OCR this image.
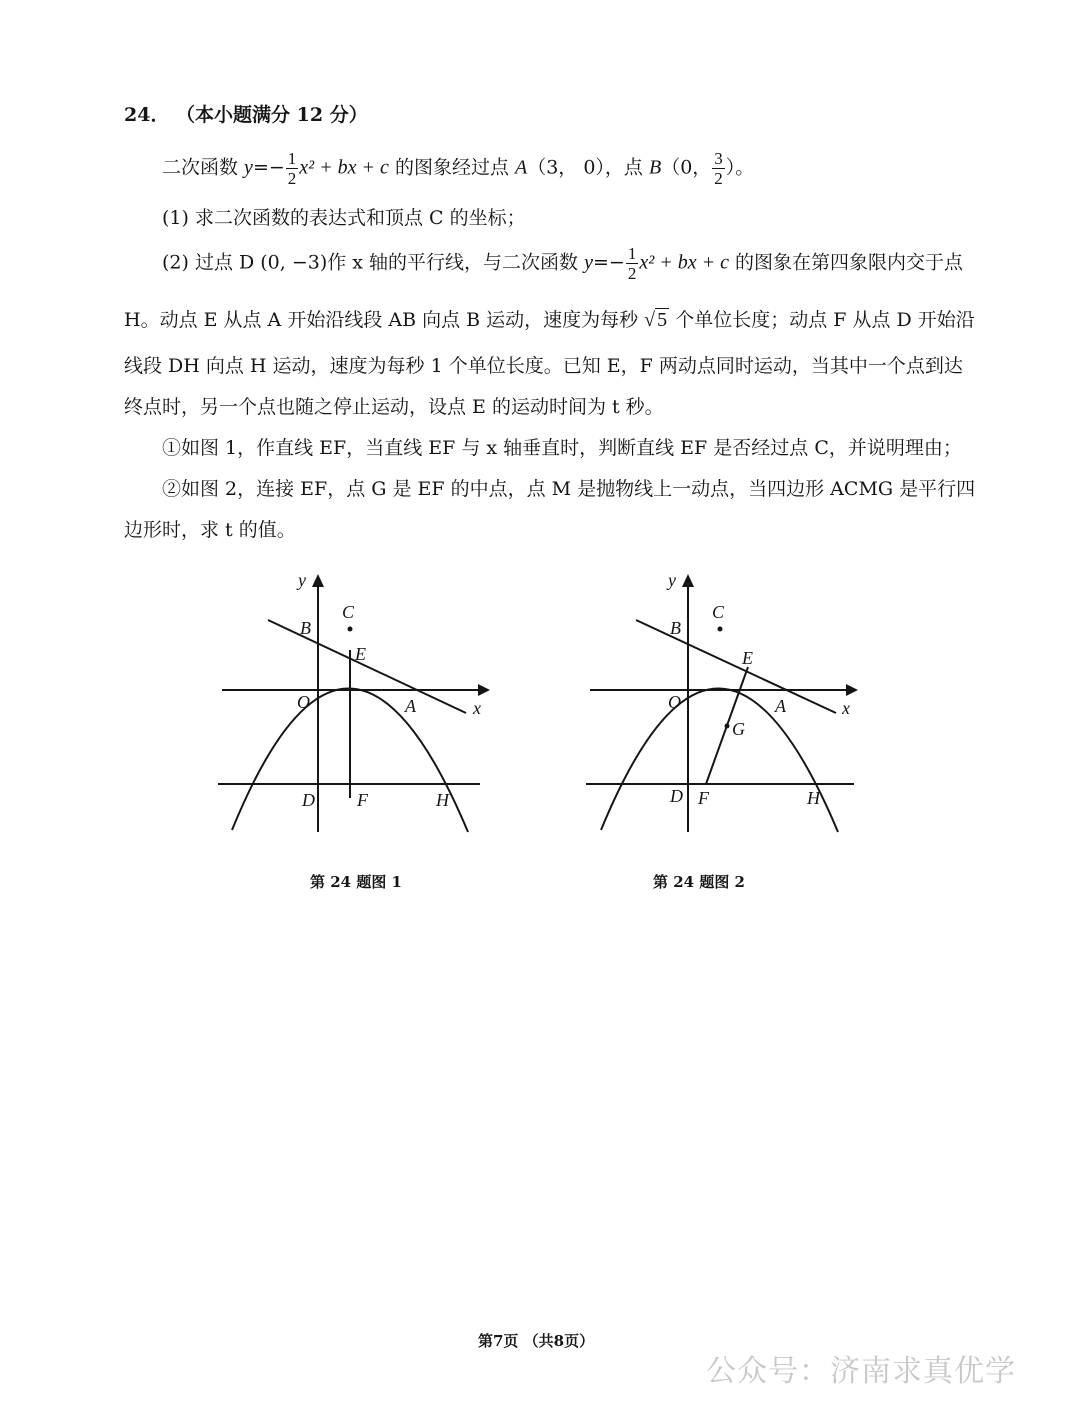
24． （本小题满分 12 分）
二次函数 $y=- \frac{1}{2} x^2$ + bx + c 的图象经过点 A（3， 0），点 B（0， $\frac{3}{2}$ ）。
(1) 求二次函数的表达式和顶点 C 的坐标；
(2) 过点 D (0, −3)作 x 轴的平行线，与二次函数 $y=- \frac{1}{2} x^2$ + bx + c 的图象在第四象限内交于点
H。动点 E 从点 A 开始沿线段 AB 向点 B 运动，速度为每秒 √ 5 个单位长度；动点 F 从点 D 开始沿
线段 DH 向点 H 运动，速度为每秒 1 个单位长度。已知 E，F 两动点同时运动，当其中一个点到达
终点时，另一个点也随之停止运动，设点 E 的运动时间为 t 秒。
①如图 1，作直线 EF，当直线 EF 与 x 轴垂直时，判断直线 EF 是否经过点 C，并说明理由；
②如图 2，连接 EF，点 G 是 EF 的中点，点 M 是抛物线上一动点，当四边形 ACMG 是平行四
边形时，求 t 的值。
y
C
B
E
O	A	x
D F	H
第 24 题图 1
y
C
B
E
O	A	x
G
D F	H
第 24 题图 2
第7页 （共8页）
公众号：济南求真优学
